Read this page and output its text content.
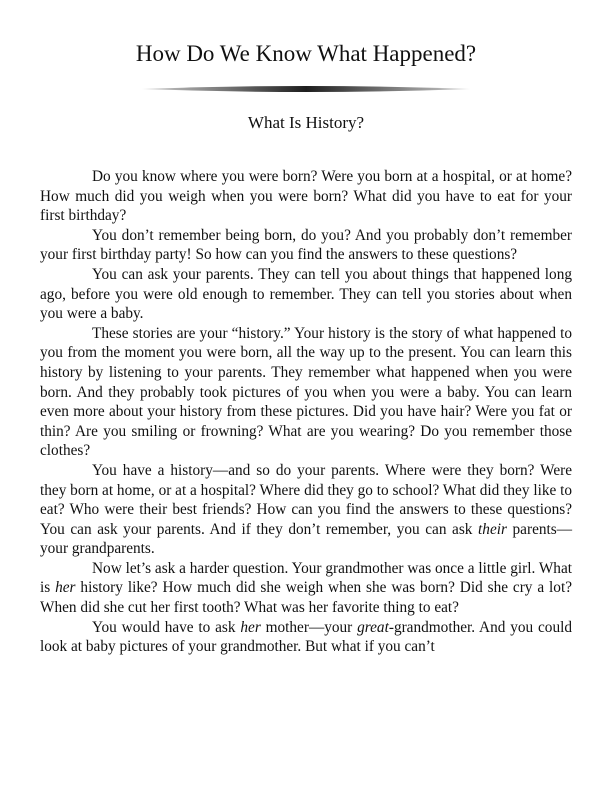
How Do We Know What Happened?
What Is History?

Do you know where you were born? Were you born at a hospital, or at home? How much did you weigh when you were born? What did you have to eat for your first birthday?

You don’t remember being born, do you? And you probably don’t remember your first birthday party! So how can you find the answers to these questions?

You can ask your parents. They can tell you about things that happened long ago, before you were old enough to remember. They can tell you stories about when you were a baby.

These stories are your “history.” Your history is the story of what happened to you from the moment you were born, all the way up to the present. You can learn this history by listening to your parents. They remember what happened when you were born. And they probably took pictures of you when you were a baby. You can learn even more about your history from these pictures. Did you have hair? Were you fat or thin? Are you smiling or frowning? What are you wearing? Do you remember those clothes?

You have a history—and so do your parents. Where were they born? Were they born at home, or at a hospital? Where did they go to school? What did they like to eat? Who were their best friends? How can you find the answers to these questions? You can ask your parents. And if they don’t remember, you can ask their parents—your grandparents.

Now let’s ask a harder question. Your grandmother was once a little girl. What is her history like? How much did she weigh when she was born? Did she cry a lot? When did she cut her first tooth? What was her favorite thing to eat?

You would have to ask her mother—your great-grandmother. And you could look at baby pictures of your grandmother. But what if you can’t
